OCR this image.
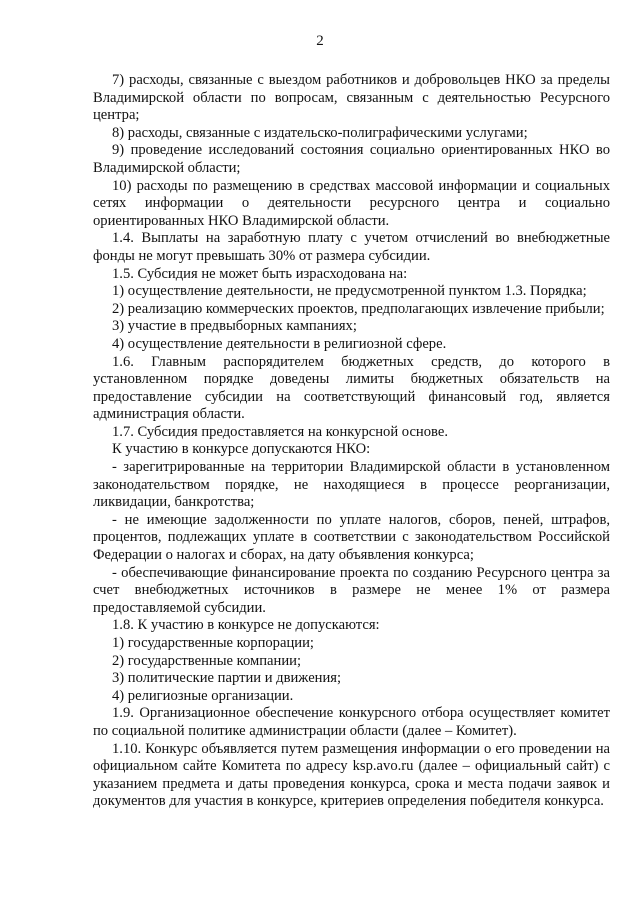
2

7) расходы, связанные с выездом работников и добровольцев НКО за пределы Владимирской области по вопросам, связанным с деятельностью Ресурсного центра;

8) расходы, связанные с издательско-полиграфическими услугами;

9) проведение исследований состояния социально ориентированных НКО во Владимирской области;

10) расходы по размещению в средствах массовой информации и социальных сетях информации о деятельности ресурсного центра и социально ориентированных НКО Владимирской области.

1.4. Выплаты на заработную плату с учетом отчислений во внебюджетные фонды не могут превышать 30% от размера субсидии.

1.5. Субсидия не может быть израсходована на:

1) осуществление деятельности, не предусмотренной пунктом 1.3. Порядка;

2) реализацию коммерческих проектов, предполагающих извлечение прибыли;

3) участие в предвыборных кампаниях;

4) осуществление деятельности в религиозной сфере.

1.6. Главным распорядителем бюджетных средств, до которого в установленном порядке доведены лимиты бюджетных обязательств на предоставление субсидии на соответствующий финансовый год, является администрация области.

1.7. Субсидия предоставляется на конкурсной основе.

К участию в конкурсе допускаются НКО:

- зарегитрированные на территории Владимирской области в установленном законодательством порядке, не находящиеся в процессе реорганизации, ликвидации, банкротства;

- не имеющие задолженности по уплате налогов, сборов, пеней, штрафов, процентов, подлежащих уплате в соответствии с законодательством Российской Федерации о налогах и сборах, на дату объявления конкурса;

- обеспечивающие финансирование проекта по созданию Ресурсного центра за счет внебюджетных источников в размере не менее 1% от размера предоставляемой субсидии.

1.8. К участию в конкурсе не допускаются:

1) государственные корпорации;

2) государственные компании;

3) политические партии и движения;

4) религиозные организации.

1.9. Организационное обеспечение конкурсного отбора осуществляет комитет по социальной политике администрации области (далее – Комитет).

1.10. Конкурс объявляется путем размещения информации о его проведении на официальном сайте Комитета по адресу ksp.avo.ru (далее – официальный сайт) с указанием предмета и даты проведения конкурса, срока и места подачи заявок и документов для участия в конкурсе, критериев определения победителя конкурса.
